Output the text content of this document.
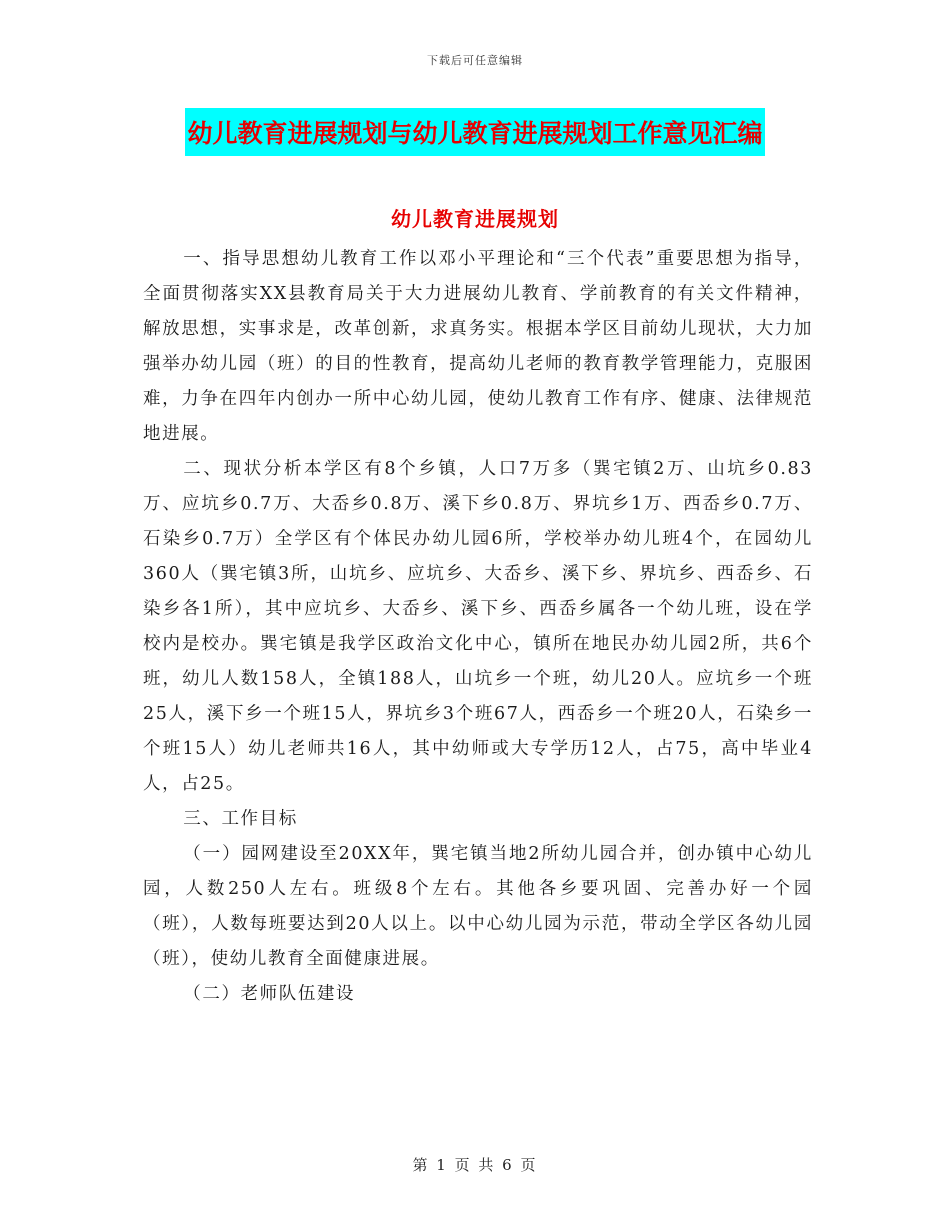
下载后可任意编辑
幼儿教育进展规划与幼儿教育进展规划工作意见汇编
幼儿教育进展规划

一、指导思想幼儿教育工作以邓小平理论和“三个代表”重要思想为指导，全面贯彻落实XX县教育局关于大力进展幼儿教育、学前教育的有关文件精神，解放思想，实事求是，改革创新，求真务实。根据本学区目前幼儿现状，大力加强举办幼儿园（班）的目的性教育，提高幼儿老师的教育教学管理能力，克服困难，力争在四年内创办一所中心幼儿园，使幼儿教育工作有序、健康、法律规范地进展。

二、现状分析本学区有8个乡镇，人口7万多（巽宅镇2万、山坑乡0.83万、应坑乡0.7万、大岙乡0.8万、溪下乡0.8万、界坑乡1万、西岙乡0.7万、石染乡0.7万）全学区有个体民办幼儿园6所，学校举办幼儿班4个，在园幼儿360人（巽宅镇3所，山坑乡、应坑乡、大岙乡、溪下乡、界坑乡、西岙乡、石染乡各1所），其中应坑乡、大岙乡、溪下乡、西岙乡属各一个幼儿班，设在学校内是校办。巽宅镇是我学区政治文化中心，镇所在地民办幼儿园2所，共6个班，幼儿人数158人，全镇188人，山坑乡一个班，幼儿20人。应坑乡一个班25人，溪下乡一个班15人，界坑乡3个班67人，西岙乡一个班20人，石染乡一个班15人）幼儿老师共16人，其中幼师或大专学历12人，占75，高中毕业4人，占25。

三、工作目标

（一）园网建设至20XX年，巽宅镇当地2所幼儿园合并，创办镇中心幼儿园，人数250人左右。班级8个左右。其他各乡要巩固、完善办好一个园（班），人数每班要达到20人以上。以中心幼儿园为示范，带动全学区各幼儿园（班），使幼儿教育全面健康进展。

（二）老师队伍建设

第 1 页 共 6 页
